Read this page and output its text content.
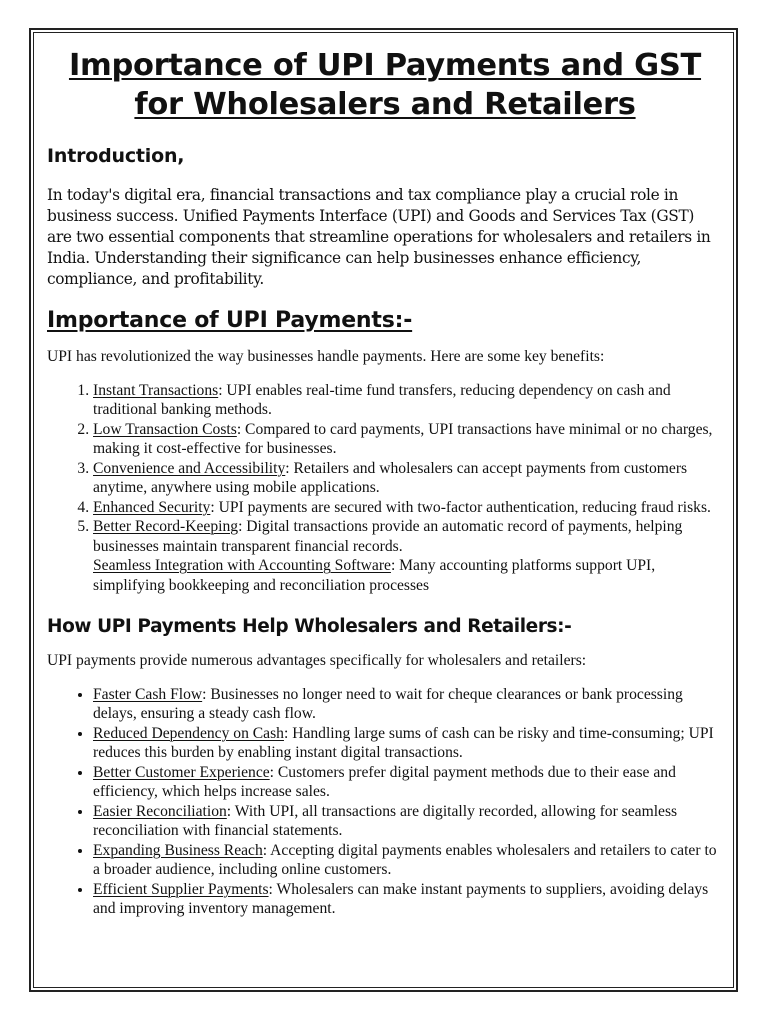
Importance of UPI Payments and GST
for Wholesalers and Retailers
Introduction,

In today's digital era, financial transactions and tax compliance play a crucial role in business success. Unified Payments Interface (UPI) and Goods and Services Tax (GST) are two essential components that streamline operations for wholesalers and retailers in India. Understanding their significance can help businesses enhance efficiency, compliance, and profitability.

Importance of UPI Payments:-

UPI has revolutionized the way businesses handle payments. Here are some key benefits:

1. Instant Transactions: UPI enables real-time fund transfers, reducing dependency on cash and traditional banking methods.
2. Low Transaction Costs: Compared to card payments, UPI transactions have minimal or no charges, making it cost-effective for businesses.
3. Convenience and Accessibility: Retailers and wholesalers can accept payments from customers anytime, anywhere using mobile applications.
4. Enhanced Security: UPI payments are secured with two-factor authentication, reducing fraud risks.
5. Better Record-Keeping: Digital transactions provide an automatic record of payments, helping businesses maintain transparent financial records.

Seamless Integration with Accounting Software: Many accounting platforms support UPI, simplifying bookkeeping and reconciliation processes

How UPI Payments Help Wholesalers and Retailers:-

UPI payments provide numerous advantages specifically for wholesalers and retailers:

• Faster Cash Flow: Businesses no longer need to wait for cheque clearances or bank processing delays, ensuring a steady cash flow.
• Reduced Dependency on Cash: Handling large sums of cash can be risky and time-consuming; UPI reduces this burden by enabling instant digital transactions.
• Better Customer Experience: Customers prefer digital payment methods due to their ease and efficiency, which helps increase sales.
• Easier Reconciliation: With UPI, all transactions are digitally recorded, allowing for seamless reconciliation with financial statements.
• Expanding Business Reach: Accepting digital payments enables wholesalers and retailers to cater to a broader audience, including online customers.
• Efficient Supplier Payments: Wholesalers can make instant payments to suppliers, avoiding delays and improving inventory management.
